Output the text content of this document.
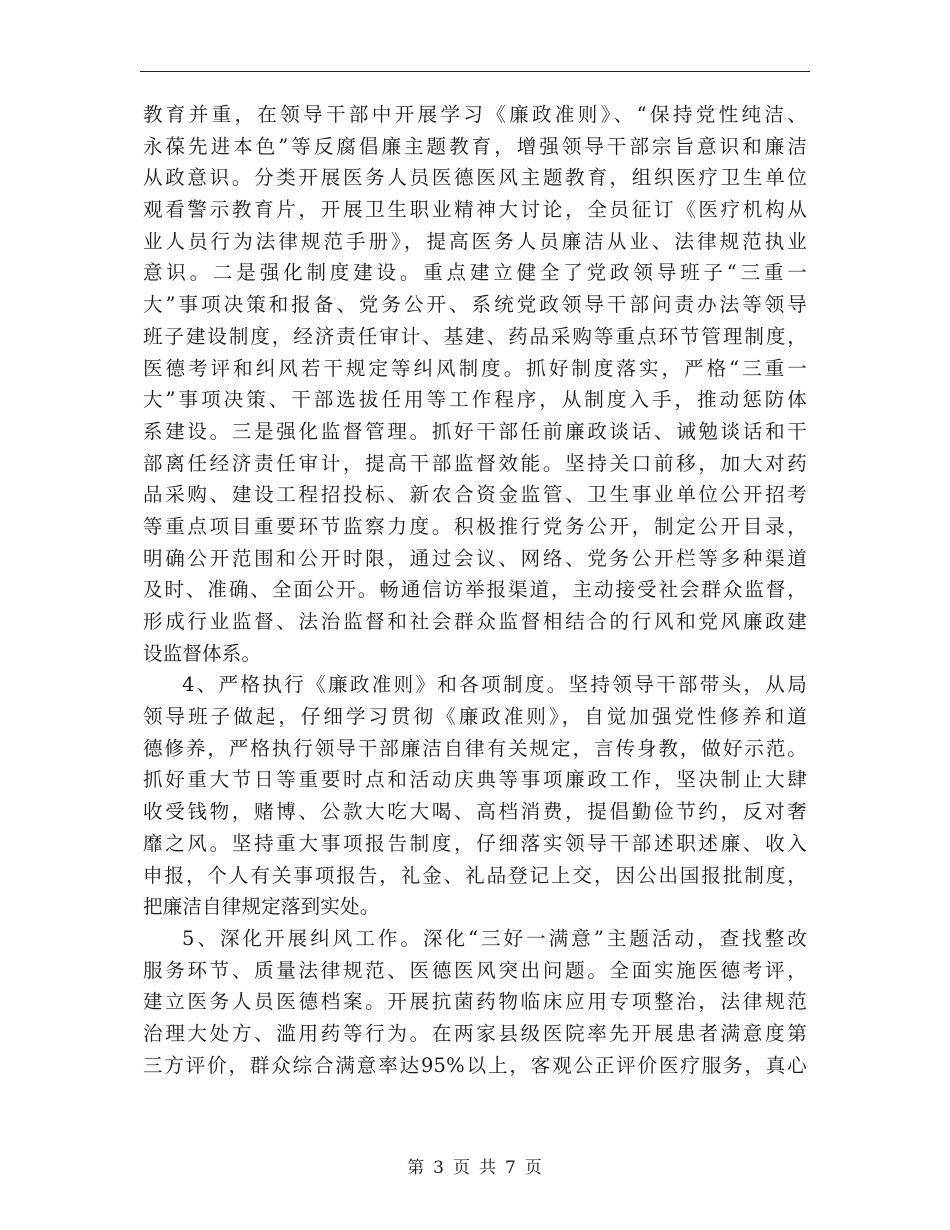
教育并重，在领导干部中开展学习《廉政准则》、“保持党性纯洁、
永葆先进本色”等反腐倡廉主题教育，增强领导干部宗旨意识和廉洁
从政意识。分类开展医务人员医德医风主题教育，组织医疗卫生单位
观看警示教育片，开展卫生职业精神大讨论，全员征订《医疗机构从
业人员行为法律规范手册》，提高医务人员廉洁从业、法律规范执业
意识。二是强化制度建设。重点建立健全了党政领导班子“三重一
大”事项决策和报备、党务公开、系统党政领导干部问责办法等领导
班子建设制度，经济责任审计、基建、药品采购等重点环节管理制度，
医德考评和纠风若干规定等纠风制度。抓好制度落实，严格“三重一
大”事项决策、干部选拔任用等工作程序，从制度入手，推动惩防体
系建设。三是强化监督管理。抓好干部任前廉政谈话、诫勉谈话和干
部离任经济责任审计，提高干部监督效能。坚持关口前移，加大对药
品采购、建设工程招投标、新农合资金监管、卫生事业单位公开招考
等重点项目重要环节监察力度。积极推行党务公开，制定公开目录，
明确公开范围和公开时限，通过会议、网络、党务公开栏等多种渠道
及时、准确、全面公开。畅通信访举报渠道，主动接受社会群众监督，
形成行业监督、法治监督和社会群众监督相结合的行风和党风廉政建
设监督体系。
4、严格执行《廉政准则》和各项制度。坚持领导干部带头，从局
领导班子做起，仔细学习贯彻《廉政准则》，自觉加强党性修养和道
德修养，严格执行领导干部廉洁自律有关规定，言传身教，做好示范。
抓好重大节日等重要时点和活动庆典等事项廉政工作，坚决制止大肆
收受钱物，赌博、公款大吃大喝、高档消费，提倡勤俭节约，反对奢
靡之风。坚持重大事项报告制度，仔细落实领导干部述职述廉、收入
申报，个人有关事项报告，礼金、礼品登记上交，因公出国报批制度，
把廉洁自律规定落到实处。
5、深化开展纠风工作。深化“三好一满意”主题活动，查找整改
服务环节、质量法律规范、医德医风突出问题。全面实施医德考评，
建立医务人员医德档案。开展抗菌药物临床应用专项整治，法律规范
治理大处方、滥用药等行为。在两家县级医院率先开展患者满意度第
三方评价，群众综合满意率达95%以上，客观公正评价医疗服务，真心
第 3 页 共 7 页
